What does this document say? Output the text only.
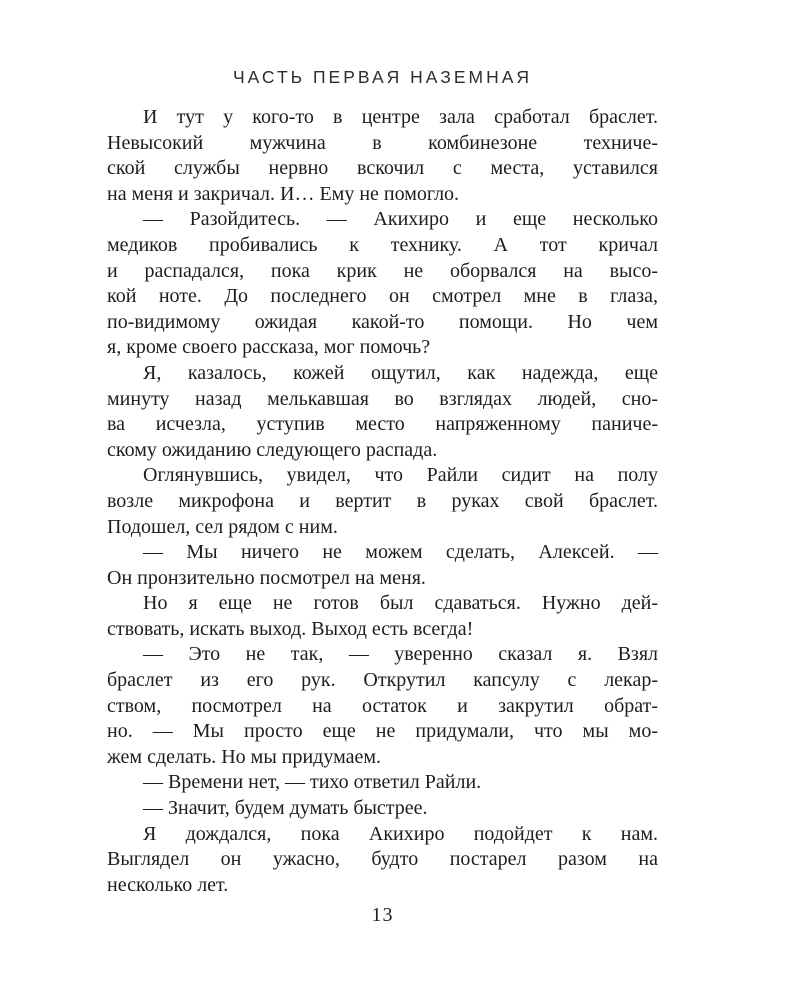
ЧАСТЬ ПЕРВАЯ НАЗЕМНАЯ
И тут у кого-то в центре зала сработал браслет.
Невысокий мужчина в комбинезоне техниче-
ской службы нервно вскочил с места, уставился
на меня и закричал. И… Ему не помогло.
— Разойдитесь. — Акихиро и еще несколько
медиков пробивались к технику. А тот кричал
и распадался, пока крик не оборвался на высо-
кой ноте. До последнего он смотрел мне в глаза,
по-видимому ожидая какой-то помощи. Но чем
я, кроме своего рассказа, мог помочь?
Я, казалось, кожей ощутил, как надежда, еще
минуту назад мелькавшая во взглядах людей, сно-
ва исчезла, уступив место напряженному паниче-
скому ожиданию следующего распада.
Оглянувшись, увидел, что Райли сидит на полу
возле микрофона и вертит в руках свой браслет.
Подошел, сел рядом с ним.
— Мы ничего не можем сделать, Алексей. —
Он пронзительно посмотрел на меня.
Но я еще не готов был сдаваться. Нужно дей-
ствовать, искать выход. Выход есть всегда!
— Это не так, — уверенно сказал я. Взял
браслет из его рук. Открутил капсулу с лекар-
ством, посмотрел на остаток и закрутил обрат-
но. — Мы просто еще не придумали, что мы мо-
жем сделать. Но мы придумаем.
— Времени нет, — тихо ответил Райли.
— Значит, будем думать быстрее.
Я дождался, пока Акихиро подойдет к нам.
Выглядел он ужасно, будто постарел разом на
несколько лет.
13
